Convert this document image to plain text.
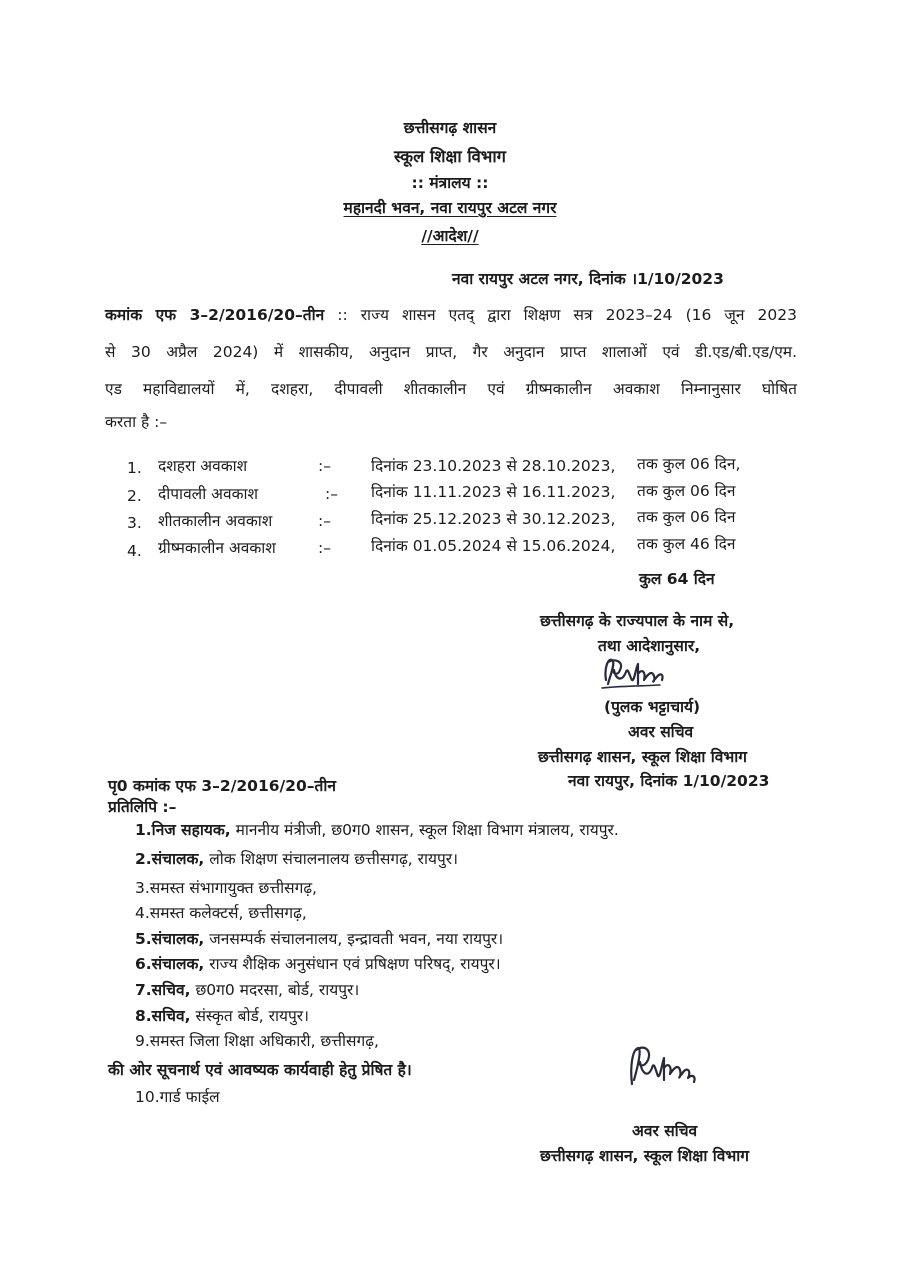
छत्तीसगढ़ शासन
स्कूल शिक्षा विभाग
:: मंत्रालय ::
महानदी भवन, नवा रायपुर अटल नगर
//आदेश//
नवा रायपुर अटल नगर, दिनांक ।1/10/2023
कमांक एफ 3–2/2016/20–तीन :: राज्य शासन एतद् द्वारा शिक्षण सत्र 2023–24 (16 जून 2023
से 30 अप्रैल 2024) में शासकीय, अनुदान प्राप्त, गैर अनुदान प्राप्त शालाओं एवं डी.एड/बी.एड/एम.
एड महाविद्यालयों में, दशहरा, दीपावली शीतकालीन एवं ग्रीष्मकालीन अवकाश निम्नानुसार घोषित
करता है :–
1. दशहरा अवकाश	:–	दिनांक 23.10.2023 से 28.10.2023, तक कुल 06 दिन,
2. दीपावली अवकाश	:– दिनांक 11.11.2023 से 16.11.2023, तक कुल 06 दिन
3. शीतकालीन अवकाश	:–	दिनांक 25.12.2023 से 30.12.2023, तक कुल 06 दिन
4. ग्रीष्मकालीन अवकाश	:–	दिनांक 01.05.2024 से 15.06.2024, तक कुल 46 दिन
कुल 64 दिन
छत्तीसगढ़ के राज्यपाल के नाम से,
तथा आदेशानुसार,
(पुलक भट्टाचार्य)
अवर सचिव
छत्तीसगढ़ शासन, स्कूल शिक्षा विभाग
नवा रायपुर, दिनांक 1/10/2023
पृ0 कमांक एफ 3–2/2016/20–तीन
प्रतिलिपि :–
1.निज सहायक, माननीय मंत्रीजी, छ0ग0 शासन, स्कूल शिक्षा विभाग मंत्रालय, रायपुर.
2.संचालक, लोक शिक्षण संचालनालय छत्तीसगढ़, रायपुर।
3.समस्त संभागायुक्त छत्तीसगढ़,
4.समस्त कलेक्टर्स, छत्तीसगढ़,
5.संचालक, जनसम्पर्क संचालनालय, इन्द्रावती भवन, नया रायपुर।
6.संचालक, राज्य शैक्षिक अनुसंधान एवं प्रषिक्षण परिषद्, रायपुर।
7.सचिव, छ0ग0 मदरसा, बोर्ड, रायपुर।
8.सचिव, संस्कृत बोर्ड, रायपुर।
9.समस्त जिला शिक्षा अधिकारी, छत्तीसगढ़,
की ओर सूचनार्थ एवं आवष्यक कार्यवाही हेतु प्रेषित है।
10.गार्ड फाईल
अवर सचिव
छत्तीसगढ़ शासन, स्कूल शिक्षा विभाग
